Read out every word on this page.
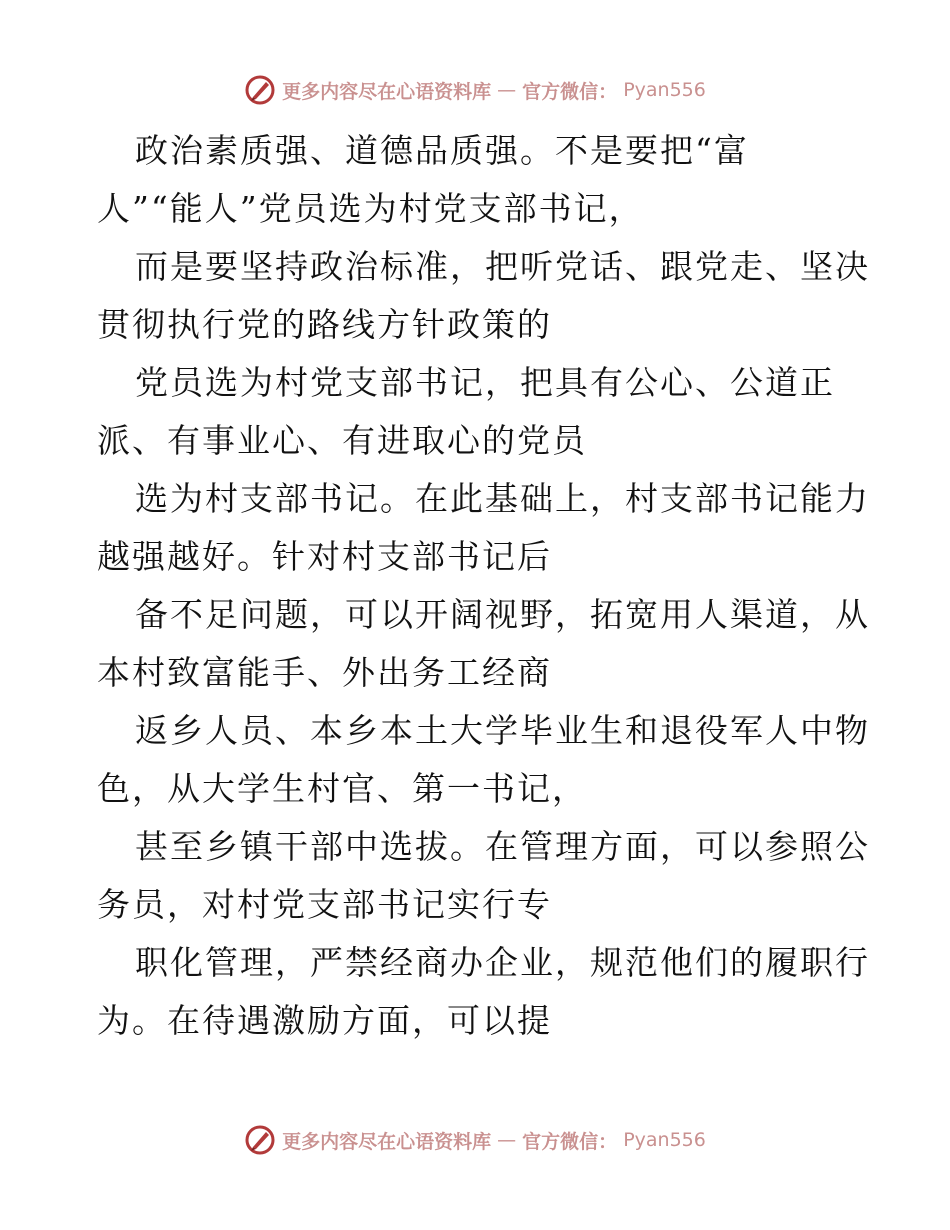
更多内容尽在心语资料库 — 官方微信： Pyan556
政治素质强、道德品质强。不是要把“富
人”“能人”党员选为村党支部书记，
而是要坚持政治标准，把听党话、跟党走、坚决
贯彻执行党的路线方针政策的
党员选为村党支部书记，把具有公心、公道正
派、有事业心、有进取心的党员
选为村支部书记。在此基础上，村支部书记能力
越强越好。针对村支部书记后
备不足问题，可以开阔视野，拓宽用人渠道，从
本村致富能手、外出务工经商
返乡人员、本乡本土大学毕业生和退役军人中物
色，从大学生村官、第一书记，
甚至乡镇干部中选拔。在管理方面，可以参照公
务员，对村党支部书记实行专
职化管理，严禁经商办企业，规范他们的履职行
为。在待遇激励方面，可以提
更多内容尽在心语资料库 — 官方微信： Pyan556
